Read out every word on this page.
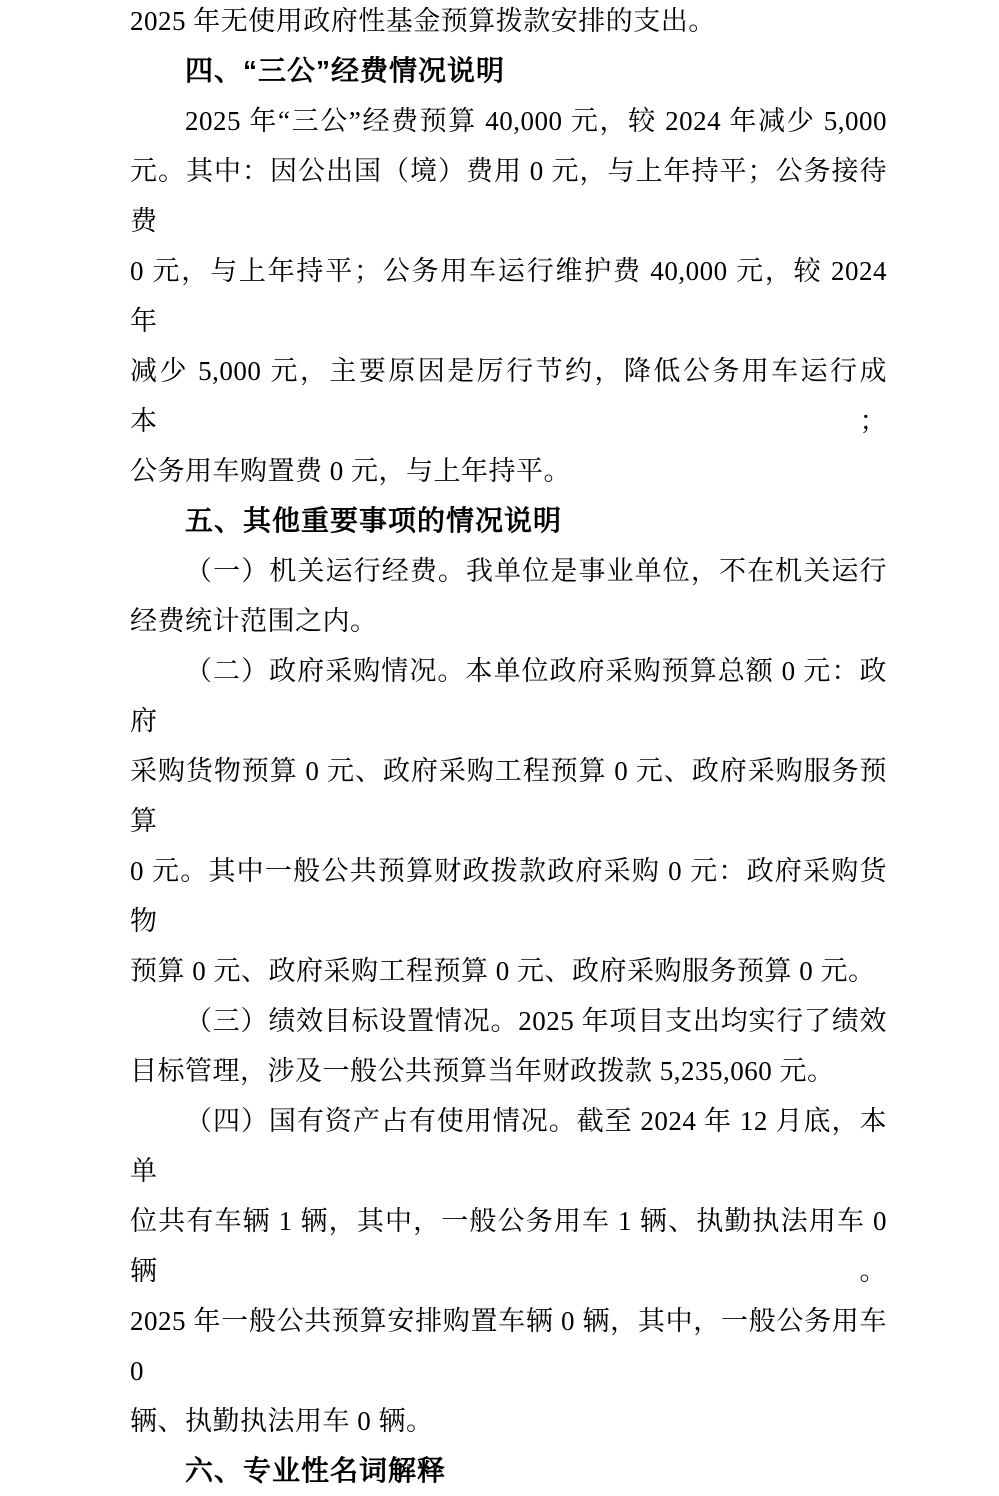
2025 年无使用政府性基金预算拨款安排的支出。
四、“三公”经费情况说明
2025 年“三公”经费预算 40,000 元，较 2024 年减少 5,000
元。其中：因公出国（境）费用 0 元，与上年持平；公务接待费
0 元，与上年持平；公务用车运行维护费 40,000 元，较 2024 年
减少 5,000 元，主要原因是厉行节约，降低公务用车运行成本；
公务用车购置费 0 元，与上年持平。
五、其他重要事项的情况说明
（一）机关运行经费。我单位是事业单位，不在机关运行
经费统计范围之内。
（二）政府采购情况。本单位政府采购预算总额 0 元：政府
采购货物预算 0 元、政府采购工程预算 0 元、政府采购服务预算
0 元。其中一般公共预算财政拨款政府采购 0 元：政府采购货物
预算 0 元、政府采购工程预算 0 元、政府采购服务预算 0 元。
（三）绩效目标设置情况。2025 年项目支出均实行了绩效
目标管理，涉及一般公共预算当年财政拨款 5,235,060 元。
（四）国有资产占有使用情况。截至 2024 年 12 月底，本单
位共有车辆 1 辆，其中，一般公务用车 1 辆、执勤执法用车 0 辆。
2025 年一般公共预算安排购置车辆 0 辆，其中，一般公务用车 0
辆、执勤执法用车 0 辆。
六、专业性名词解释
